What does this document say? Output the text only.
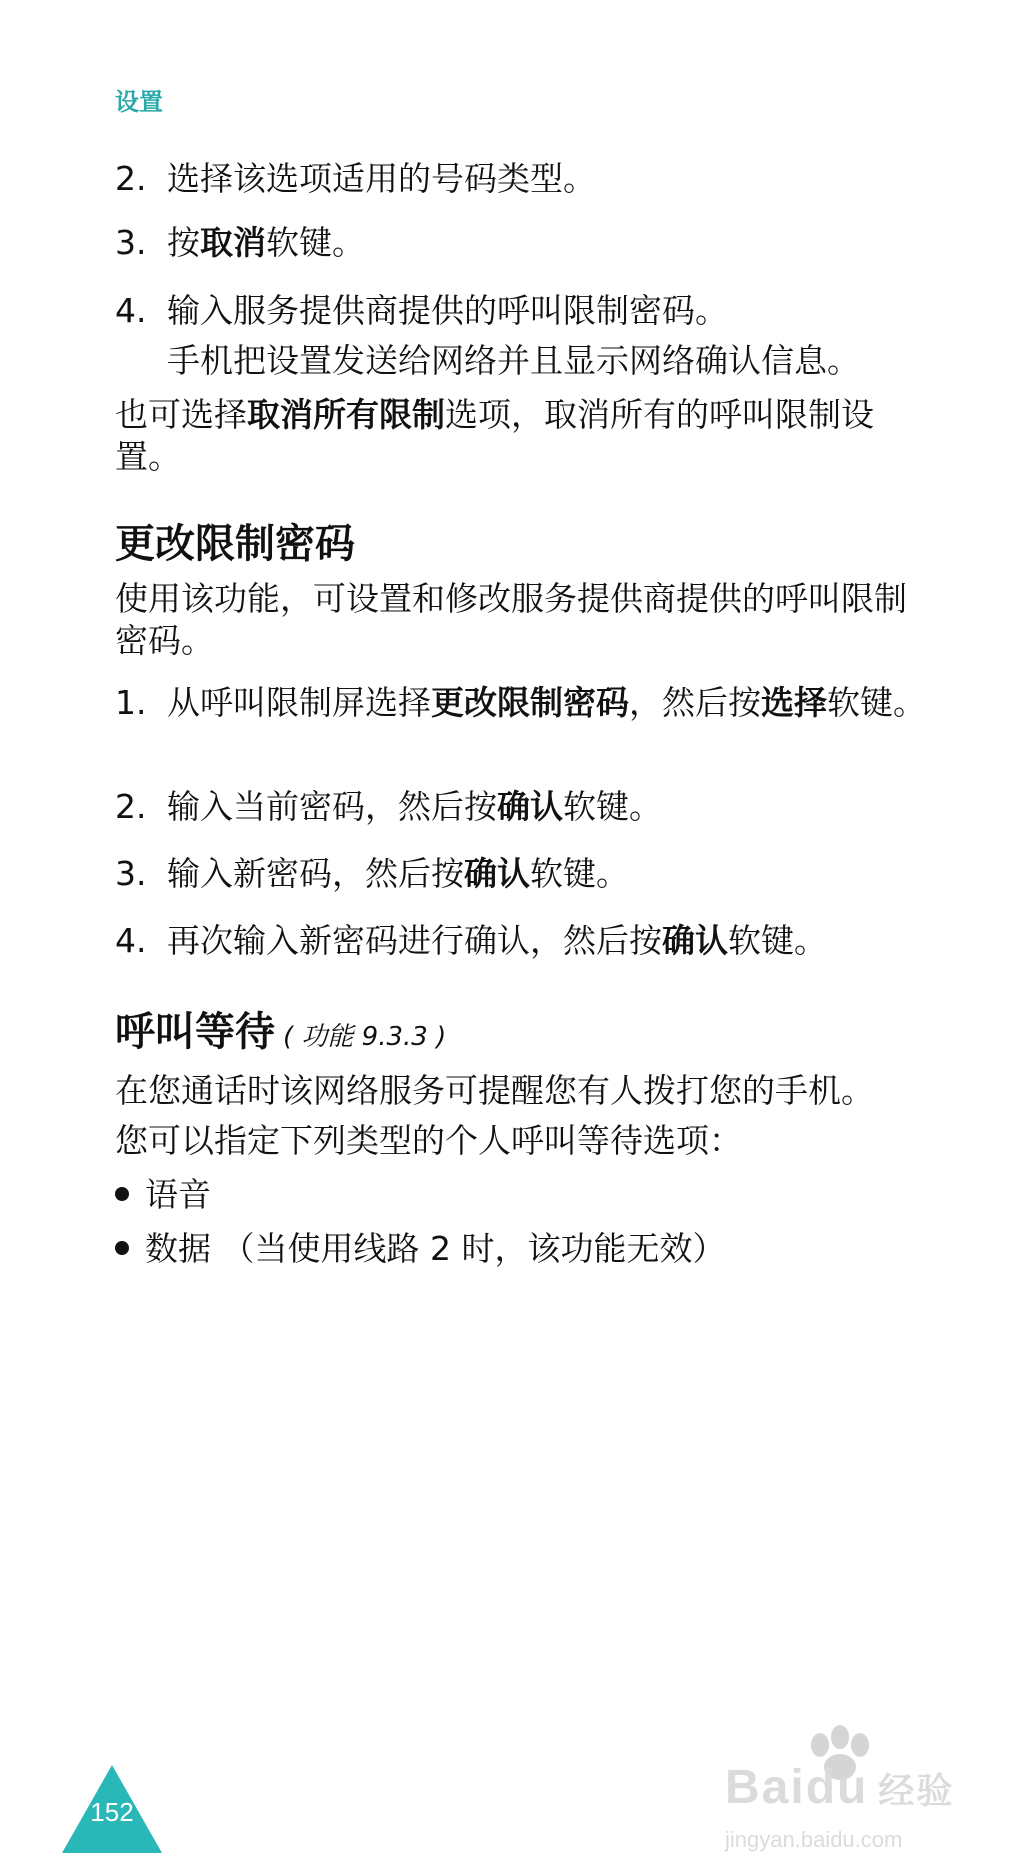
设置
2. 选择该选项适用的号码类型。
3. 按取消软键。
4. 输入服务提供商提供的呼叫限制密码。
手机把设置发送给网络并且显示网络确认信息。
也可选择取消所有限制选项，取消所有的呼叫限制设置。
更改限制密码
使用该功能，可设置和修改服务提供商提供的呼叫限制密码。
1. 从呼叫限制屏选择更改限制密码，然后按选择软键。
2. 输入当前密码，然后按确认软键。
3. 输入新密码，然后按确认软键。
4. 再次输入新密码进行确认，然后按确认软键。
呼叫等待 ( 功能 9.3.3 )
在您通话时该网络服务可提醒您有人拨打您的手机。
您可以指定下列类型的个人呼叫等待选项：
语音
数据 （当使用线路 2 时，该功能无效）
152	Baidu 经验
jingyan.baidu.com
